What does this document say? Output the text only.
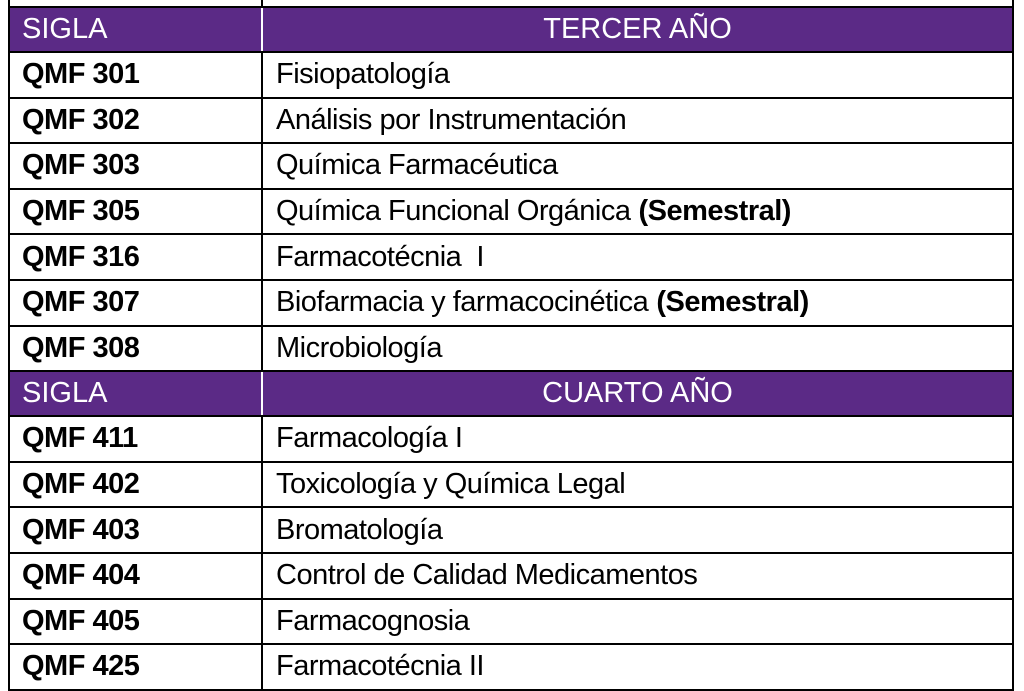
SIGLA	TERCER AÑO
QMF 301	Fisiopatología
QMF 302	Análisis por Instrumentación
QMF 303	Química Farmacéutica
QMF 305	Química Funcional Orgánica (Semestral)
QMF 316	Farmacotécnia  I
QMF 307	Biofarmacia y farmacocinética (Semestral)
QMF 308	Microbiología
SIGLA	CUARTO AÑO
QMF 411	Farmacología I
QMF 402	Toxicología y Química Legal
QMF 403	Bromatología
QMF 404	Control de Calidad Medicamentos
QMF 405	Farmacognosia
QMF 425	Farmacotécnia II
